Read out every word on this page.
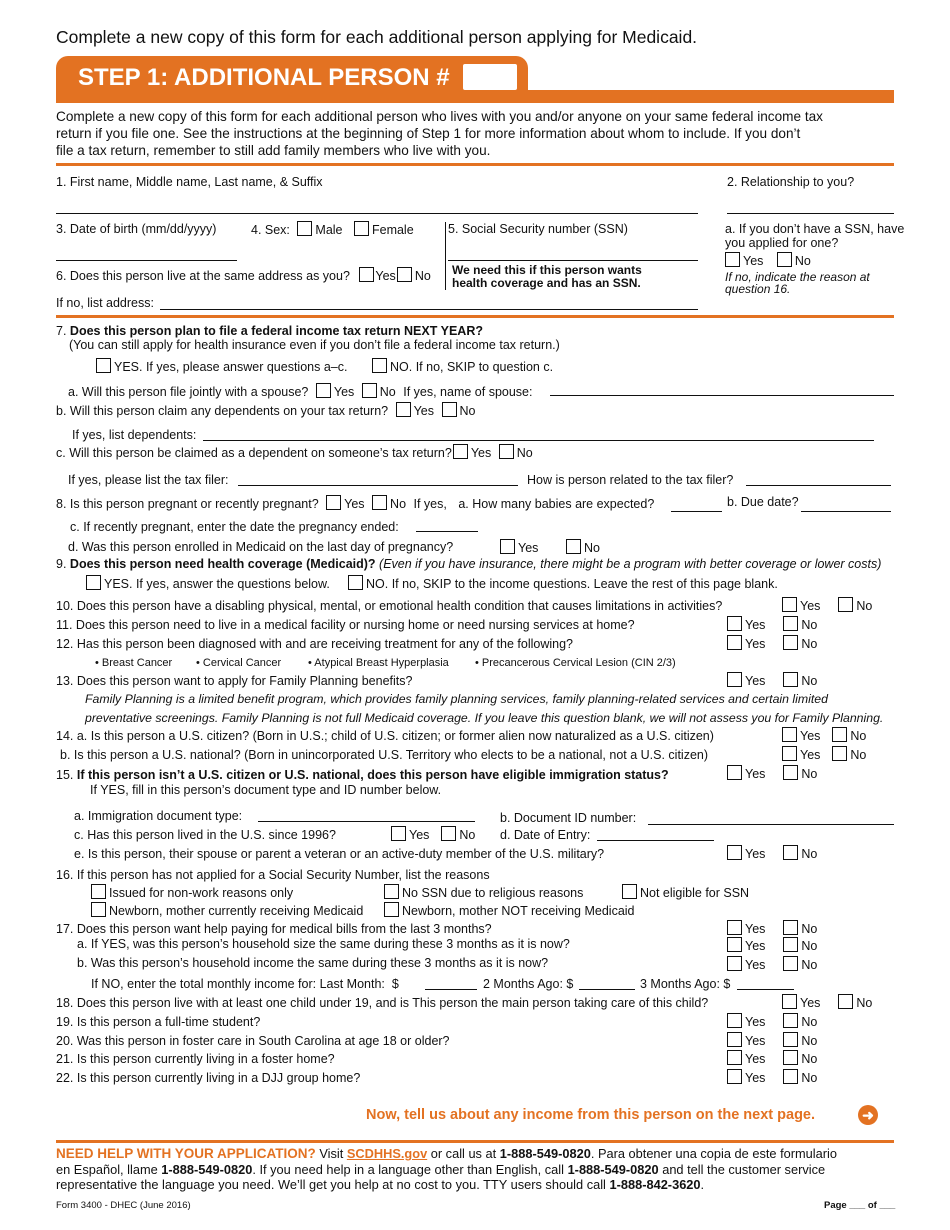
Complete a new copy of this form for each additional person applying for Medicaid.
STEP 1: ADDITIONAL PERSON #
Complete a new copy of this form for each additional person who lives with you and/or anyone on your same federal income tax
return if you file one. See the instructions at the beginning of Step 1 for more information about whom to include. If you don’t
file a tax return, remember to still add family members who live with you.
1. First name, Middle name, Last name, & Suffix	2. Relationship to you?
3. Date of birth (mm/dd/yyyy)	4. Sex: Male Female	5. Social Security number (SSN)
We need this if this person wants
health coverage and has an SSN.
a. If you don’t have a SSN, have
you applied for one?
Yes	No
If no, indicate the reason at
question 16.
6. Does this person live at the same address as you? Yes No
If no, list address:
7. Does this person plan to file a federal income tax return NEXT YEAR?
(You can still apply for health insurance even if you don’t file a federal income tax return.)
YES. If yes, please answer questions a–c.	NO. If no, SKIP to question c.
a. Will this person file jointly with a spouse? Yes No If yes, name of spouse:
b. Will this person claim any dependents on your tax return? Yes No
If yes, list dependents:
c. Will this person be claimed as a dependent on someone’s tax return? Yes No
If yes, please list the tax filer:	How is person related to the tax filer?
8. Is this person pregnant or recently pregnant? Yes No If yes, a. How many babies are expected?	b. Due date?
c. If recently pregnant, enter the date the pregnancy ended:
d. Was this person enrolled in Medicaid on the last day of pregnancy?	Yes	No
9. Does this person need health coverage (Medicaid)? (Even if you have insurance, there might be a program with better coverage or lower costs)
YES. If yes, answer the questions below.	NO. If no, SKIP to the income questions. Leave the rest of this page blank.
10. Does this person have a disabling physical, mental, or emotional health condition that causes limitations in activities?	Yes	No
11. Does this person need to live in a medical facility or nursing home or need nursing services at home?	Yes	No
12. Has this person been diagnosed with and are receiving treatment for any of the following?	Yes	No
• Breast Cancer • Cervical Cancer • Atypical Breast Hyperplasia • Precancerous Cervical Lesion (CIN 2/3)
13. Does this person want to apply for Family Planning benefits?	Yes	No
Family Planning is a limited benefit program, which provides family planning services, family planning-related services and certain limited
preventative screenings. Family Planning is not full Medicaid coverage. If you leave this question blank, we will not assess you for Family Planning.
14. a. Is this person a U.S. citizen? (Born in U.S.; child of U.S. citizen; or former alien now naturalized as a U.S. citizen)	Yes No
b. Is this person a U.S. national? (Born in unincorporated U.S. Territory who elects to be a national, not a U.S. citizen)	Yes No
15. If this person isn’t a U.S. citizen or U.S. national, does this person have eligible immigration status?	Yes	No
If YES, fill in this person’s document type and ID number below.
a. Immigration document type:	b. Document ID number:
c. Has this person lived in the U.S. since 1996?	Yes No d. Date of Entry:
e. Is this person, their spouse or parent a veteran or an active-duty member of the U.S. military?	Yes	No
16. If this person has not applied for a Social Security Number, list the reasons
Issued for non-work reasons only	No SSN due to religious reasons	Not eligible for SSN
Newborn, mother currently receiving Medicaid	Newborn, mother NOT receiving Medicaid
17. Does this person want help paying for medical bills from the last 3 months?	Yes	No
a. If YES, was this person’s household size the same during these 3 months as it is now?	Yes	No
b. Was this person’s household income the same during these 3 months as it is now?	Yes	No
If NO, enter the total monthly income for: Last Month: $	2 Months Ago: $	3 Months Ago: $
18. Does this person live with at least one child under 19, and is This person the main person taking care of this child?	Yes	No
19. Is this person a full-time student?	Yes	No
20. Was this person in foster care in South Carolina at age 18 or older?	Yes	No
21. Is this person currently living in a foster home?	Yes	No
22. Is this person currently living in a DJJ group home?	Yes	No
Now, tell us about any income from this person on the next page.	➜
NEED HELP WITH YOUR APPLICATION? Visit SCDHHS.gov or call us at 1-888-549-0820. Para obtener una copia de este formulario
en Español, llame 1-888-549-0820. If you need help in a language other than English, call 1-888-549-0820 and tell the customer service
representative the language you need. We’ll get you help at no cost to you. TTY users should call 1-888-842-3620.
Form 3400 - DHEC (June 2016)	Page ___ of ___
